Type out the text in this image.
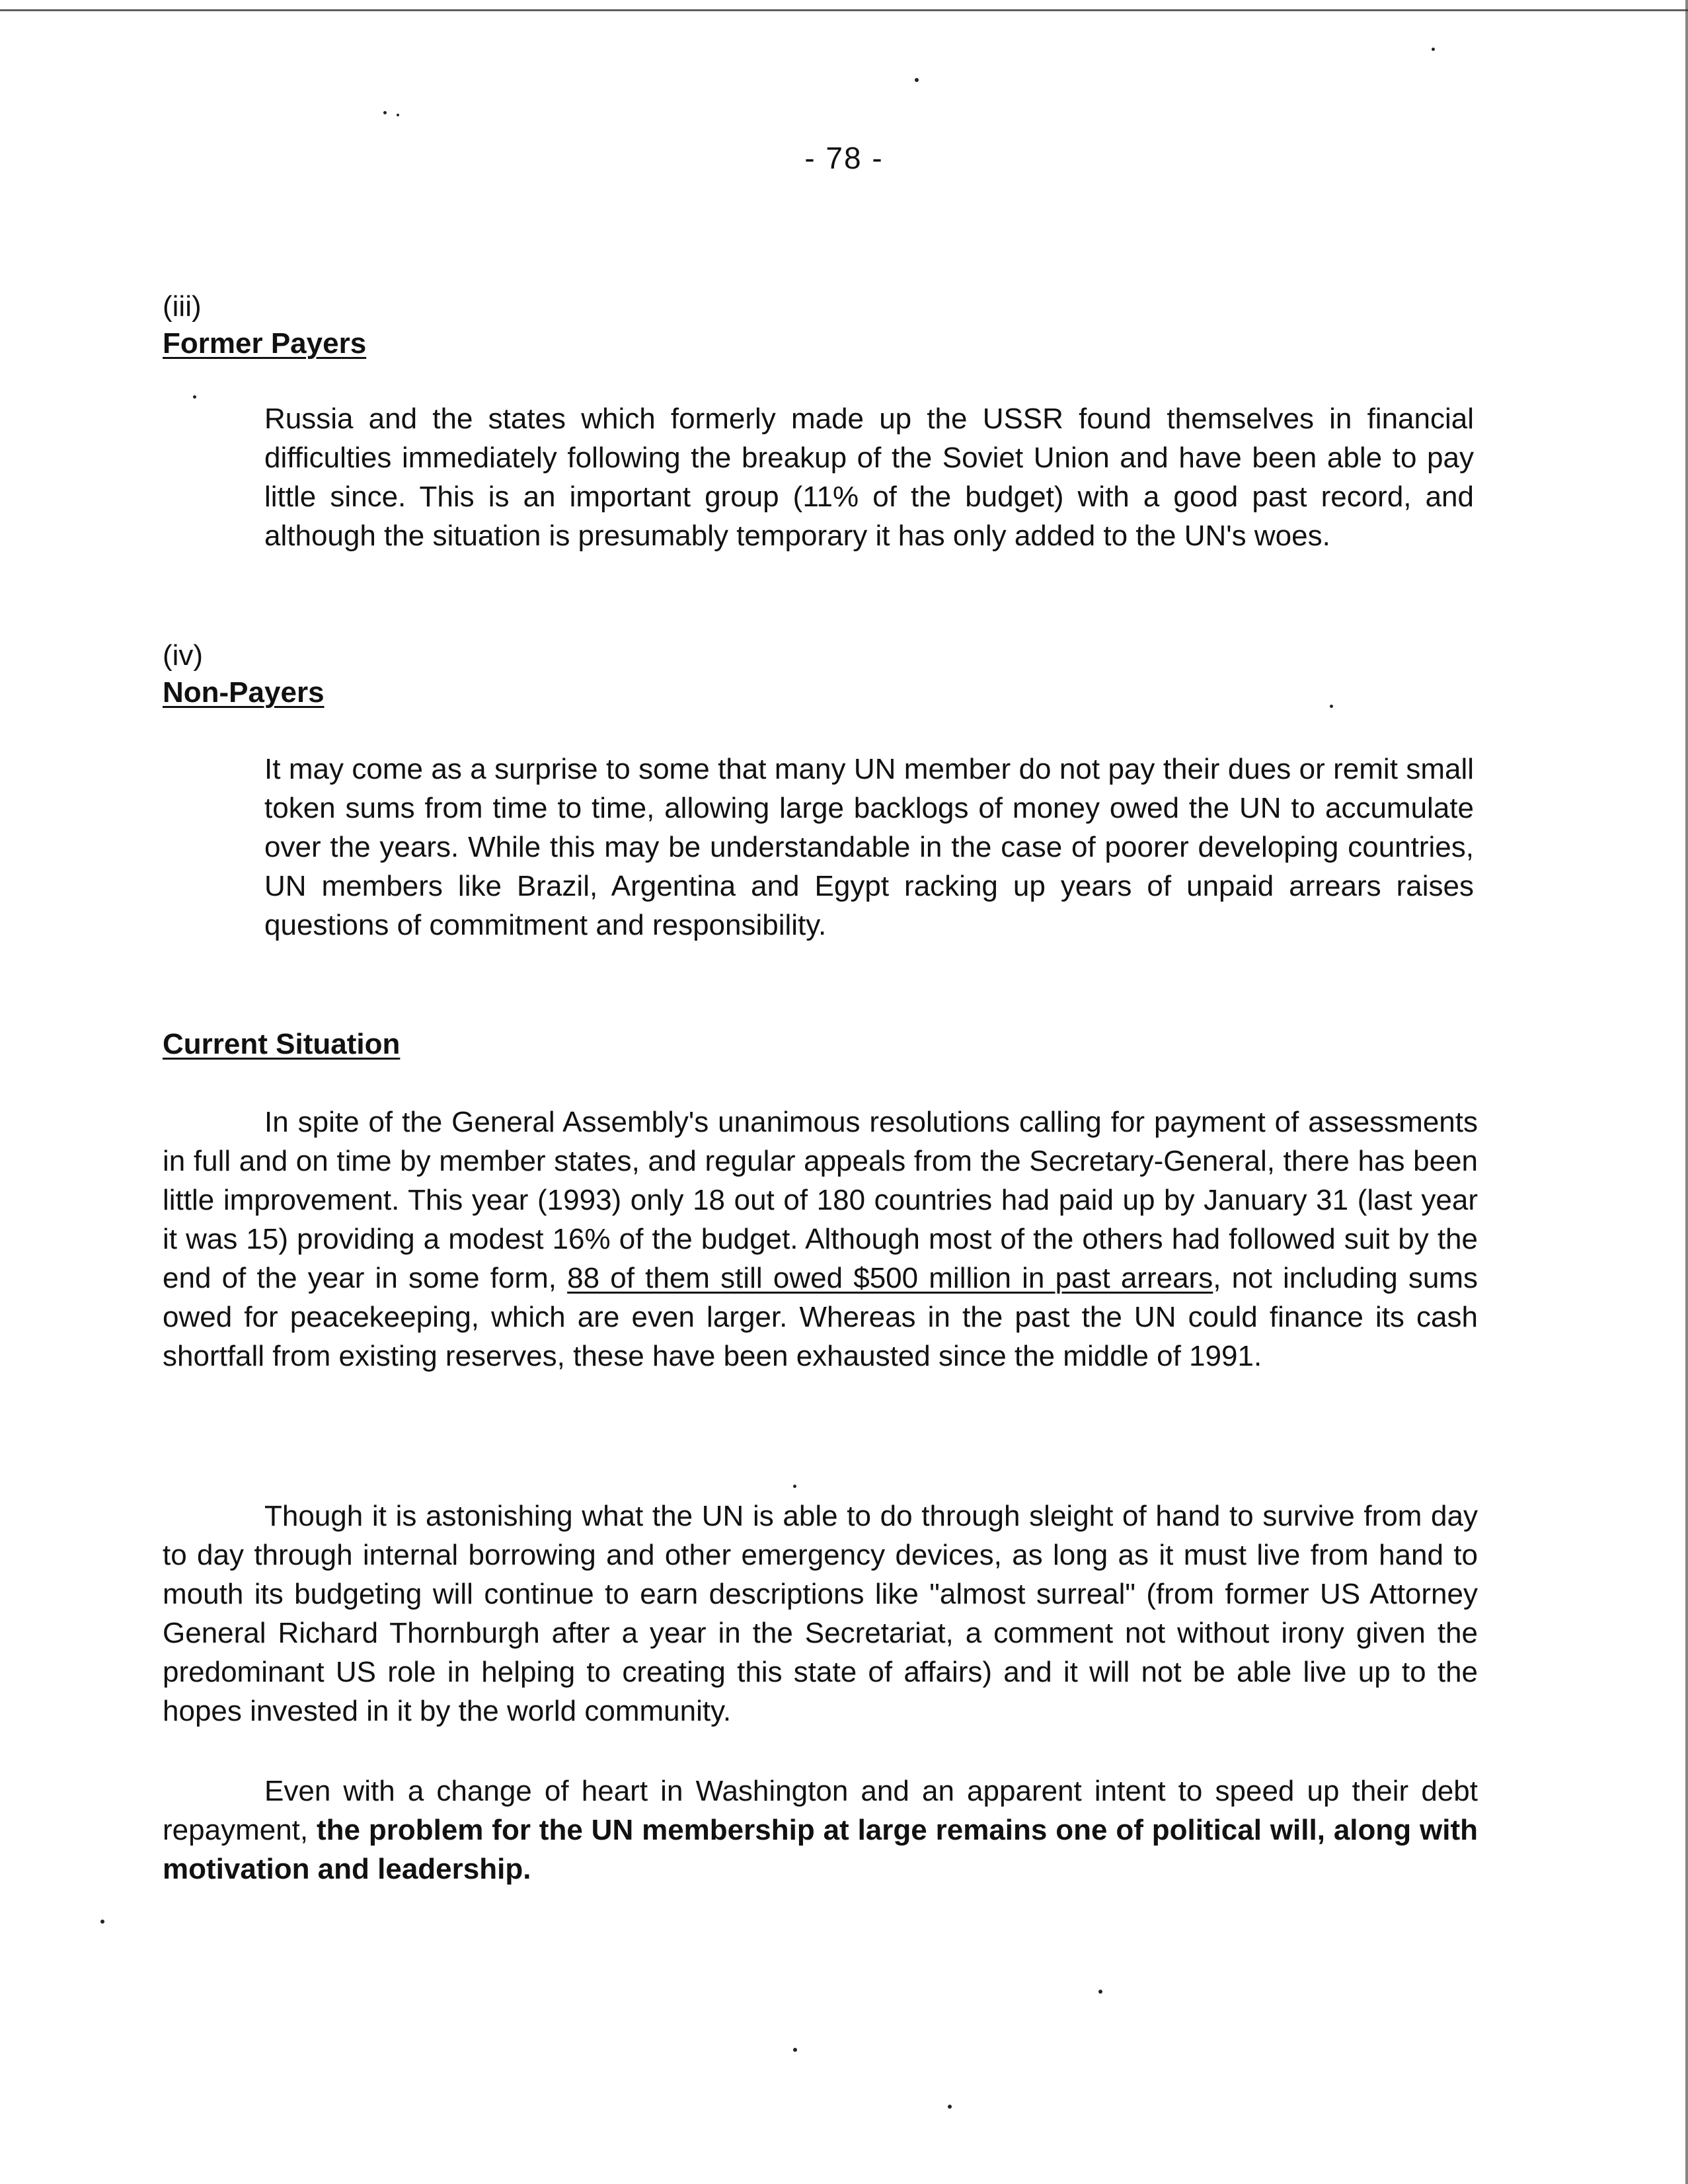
- 78 -
(iii)
Former Payers
Russia and the states which formerly made up the USSR found themselves in financial difficulties immediately following the breakup of the Soviet Union and have been able to pay little since. This is an important group (11% of the budget) with a good past record, and although the situation is presumably temporary it has only added to the UN's woes.
(iv)
Non-Payers
It may come as a surprise to some that many UN member do not pay their dues or remit small token sums from time to time, allowing large backlogs of money owed the UN to accumulate over the years. While this may be understandable in the case of poorer developing countries, UN members like Brazil, Argentina and Egypt racking up years of unpaid arrears raises questions of commitment and responsibility.
Current Situation
In spite of the General Assembly's unanimous resolutions calling for payment of assessments in full and on time by member states, and regular appeals from the Secretary-General, there has been little improvement. This year (1993) only 18 out of 180 countries had paid up by January 31 (last year it was 15) providing a modest 16% of the budget. Although most of the others had followed suit by the end of the year in some form, 88 of them still owed $500 million in past arrears, not including sums owed for peacekeeping, which are even larger. Whereas in the past the UN could finance its cash shortfall from existing reserves, these have been exhausted since the middle of 1991.
Though it is astonishing what the UN is able to do through sleight of hand to survive from day to day through internal borrowing and other emergency devices, as long as it must live from hand to mouth its budgeting will continue to earn descriptions like "almost surreal" (from former US Attorney General Richard Thornburgh after a year in the Secretariat, a comment not without irony given the predominant US role in helping to creating this state of affairs) and it will not be able live up to the hopes invested in it by the world community.
Even with a change of heart in Washington and an apparent intent to speed up their debt repayment, the problem for the UN membership at large remains one of political will, along with motivation and leadership.
